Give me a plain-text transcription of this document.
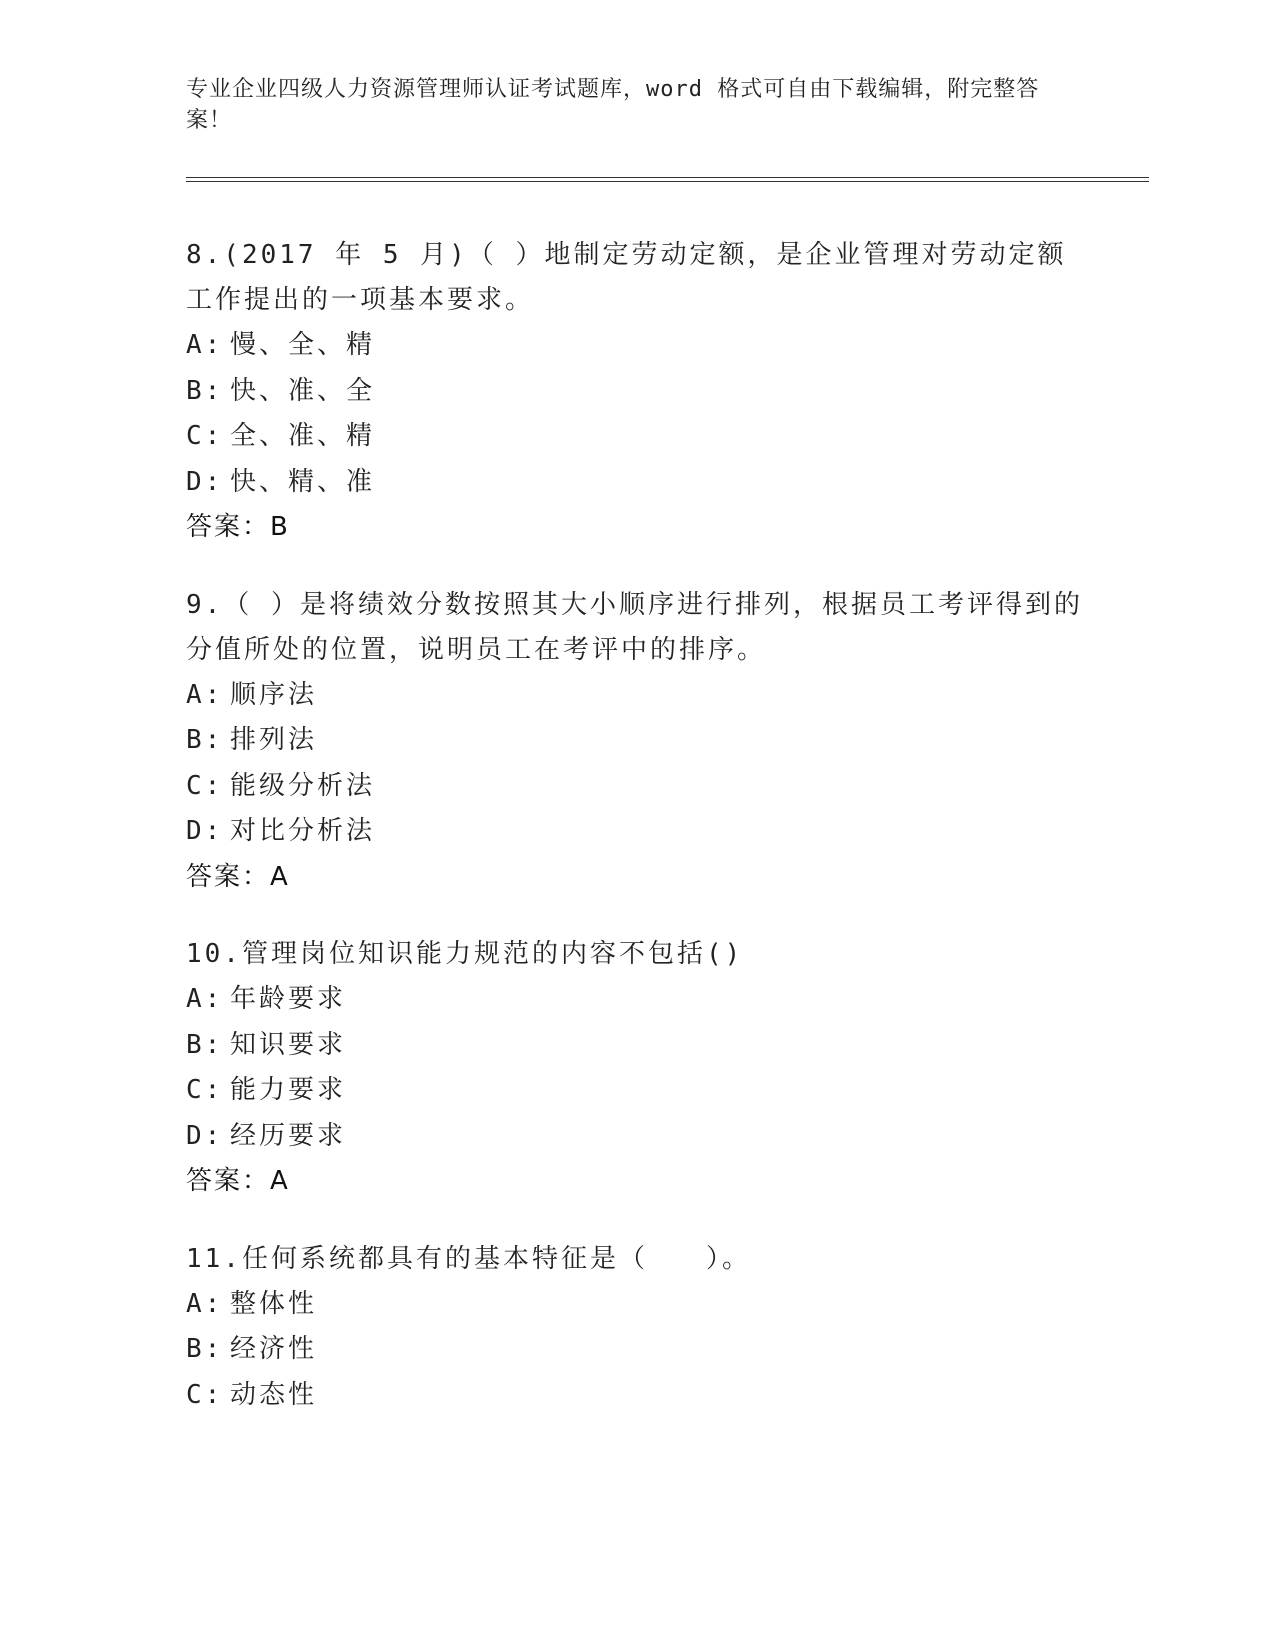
专业企业四级人力资源管理师认证考试题库，word 格式可自由下载编辑，附完整答案！
8.(2017 年 5 月)（ ）地制定劳动定额，是企业管理对劳动定额工作提出的一项基本要求。
A: 慢、全、精
B: 快、准、全
C: 全、准、精
D: 快、精、准
答案：B
9.（ ）是将绩效分数按照其大小顺序进行排列，根据员工考评得到的分值所处的位置，说明员工在考评中的排序。
A: 顺序法
B: 排列法
C: 能级分析法
D: 对比分析法
答案：A
10.管理岗位知识能力规范的内容不包括()
A: 年龄要求
B: 知识要求
C: 能力要求
D: 经历要求
答案：A
11.任何系统都具有的基本特征是（　　）。
A: 整体性
B: 经济性
C: 动态性
